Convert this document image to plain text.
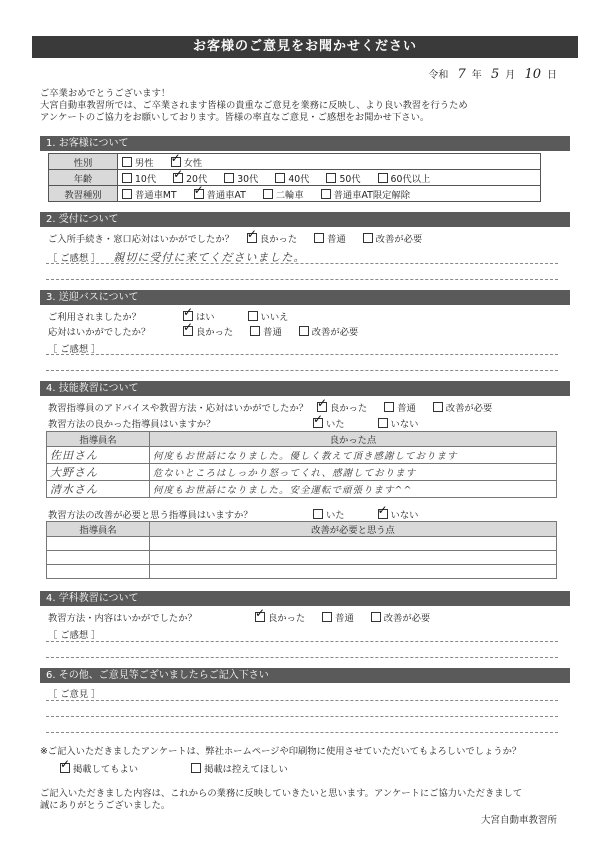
お客様のご意見をお聞かせください
令和 7 年 5 月 10 日
ご卒業おめでとうございます！
大宮自動車教習所では、ご卒業されます皆様の貴重なご意見を業務に反映し、より良い教習を行うため
アンケートのご協力をお願いしております。皆様の率直なご意見・ご感想をお聞かせ下さい。
1. お客様について
性別	男性 ✓ 女性
年齢	10代 ✓ 20代 30代 40代 50代 60代以上
教習種別	普通車MT ✓ 普通車AT 二輪車 普通車AT限定解除
2. 受付について
ご入所手続き・窓口応対はいかがでしたか？ ✓	良かった	普通	改善が必要
［ ご感想 ］ 親切に受付に来てくださいました。
3. 送迎バスについて
ご利用されましたか？ ✓	はい	いいえ
応対はいかがでしたか？ ✓	良かった	普通	改善が必要
［ ご感想 ］
4. 技能教習について
教習指導員のアドバイスや教習方法・応対はいかがでしたか？ ✓ 良かった	普通	改善が必要
教習方法の良かった指導員はいますか？ ✓	いた	いない
指導員名	良かった点
佐田さん	何度もお世話になりました。優しく教えて頂き感謝しております
大野さん	危ないところはしっかり怒ってくれ、感謝しております
清水さん	何度もお世話になりました。安全運転で頑張ります^^
教習方法の改善が必要と思う指導員はいますか？	いた ✓	いない
指導員名	改善が必要と思う点

4. 学科教習について
教習方法・内容はいかがでしたか？ ✓	良かった	普通	改善が必要
［ ご感想 ］
6. その他、ご意見等ございましたらご記入下さい
［ ご意見 ］
※ご記入いただきましたアンケートは、弊社ホームページや印刷物に使用させていただいてもよろしいでしょうか？
✓掲載してもよい	掲載は控えてほしい
ご記入いただきました内容は、これからの業務に反映していきたいと思います。アンケートにご協力いただきまして
誠にありがとうございました。
大宮自動車教習所
